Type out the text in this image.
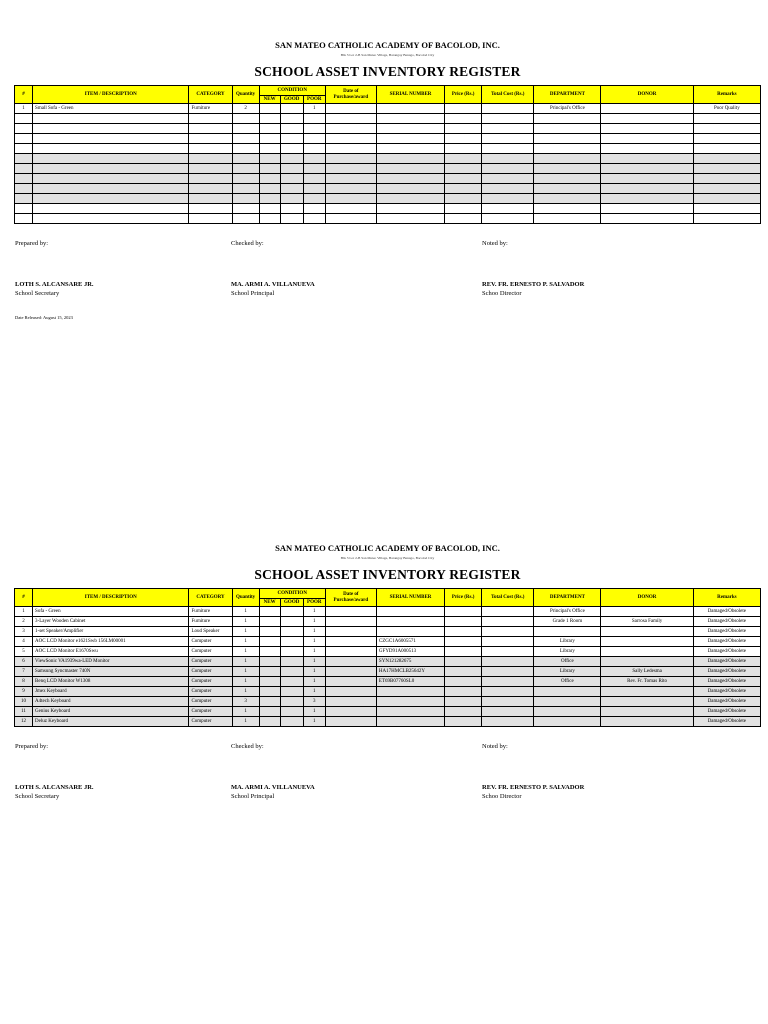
SAN MATEO CATHOLIC ACADEMY OF BACOLOD, INC.
Blk 3 Lot 2-B San Mateo Village, Barangay Banago, Bacolod City
SCHOOL ASSET INVENTORY REGISTER
#	ITEM / DESCRIPTION	CATEGORY	Quantity	CONDITION			Date of
Purchase/award	SERIAL NUMBER	Price (Rs.)	Total Cost (Rs.)	DEPARTMENT	DONOR	Remarks
				NEW	GOOD	POOR							
1	Small Sofa - Green	Furniture	2			1					Principal's Office		Poor Quality

Prepared by:	Checked by:	Noted by:
LOTH S. ALCANSARE JR.
School Secretary
MA. ARMI A. VILLANUEVA
School Principal
REV. FR. ERNESTO P. SALVADOR
Schoo Director
Date Released: August 15, 2023
SAN MATEO CATHOLIC ACADEMY OF BACOLOD, INC.
Blk 3 Lot 2-B San Mateo Village, Barangay Banago, Bacolod City
SCHOOL ASSET INVENTORY REGISTER
#	ITEM / DESCRIPTION	CATEGORY	Quantity	CONDITION			Date of
Purchase/award	SERIAL NUMBER	Price (Rs.)	Total Cost (Rs.)	DEPARTMENT	DONOR	Remarks
				NEW	GOOD	POOR							
1	Sofa - Green	Furniture	1			1					Principal's Office		Damaged/Obsolete
2	3-Layer Wooden Cabinet	Furniture	1			1					Grade 1 Room	Sarrosa Family	Damaged/Obsolete
3	1-set Speaker/Amplifier	Loud Speaker	1			1							Damaged/Obsolete
4	AOC LCD Monitor e1621Swb 156LM00001	Computer	1			1		CZGC1A6005571			Library		Damaged/Obsolete
5	AOC LCD Monitor E1670Swu	Computer	1			1		GFYD91A000513			Library		Damaged/Obsolete
6	ViewSonic VA1939wa-LED Monitor	Computer	1			1		SYN121282675			Office		Damaged/Obsolete
7	Samsung Syncmaster 740N	Computer	1			1		HA17HMCLB25642Y			Library	Sally Ledesma	Damaged/Obsolete
8	Benq LCD Monitor W1308	Computer	1			1		ET69B07760SL0			Office	Rev. Fr. Tomas Rito	Damaged/Obsolete
9	Jmex Keyboard	Computer	1			1							Damaged/Obsolete
10	A4tech Keyboard	Computer	3			3							Damaged/Obsolete
11	Genius Keyboard	Computer	1			1							Damaged/Obsolete
12	Deluz Keyboard	Computer	1			1							Damaged/Obsolete
Prepared by:	Checked by:	Noted by:
LOTH S. ALCANSARE JR.
School Secretary
MA. ARMI A. VILLANUEVA
School Principal
REV. FR. ERNESTO P. SALVADOR
Schoo Director
